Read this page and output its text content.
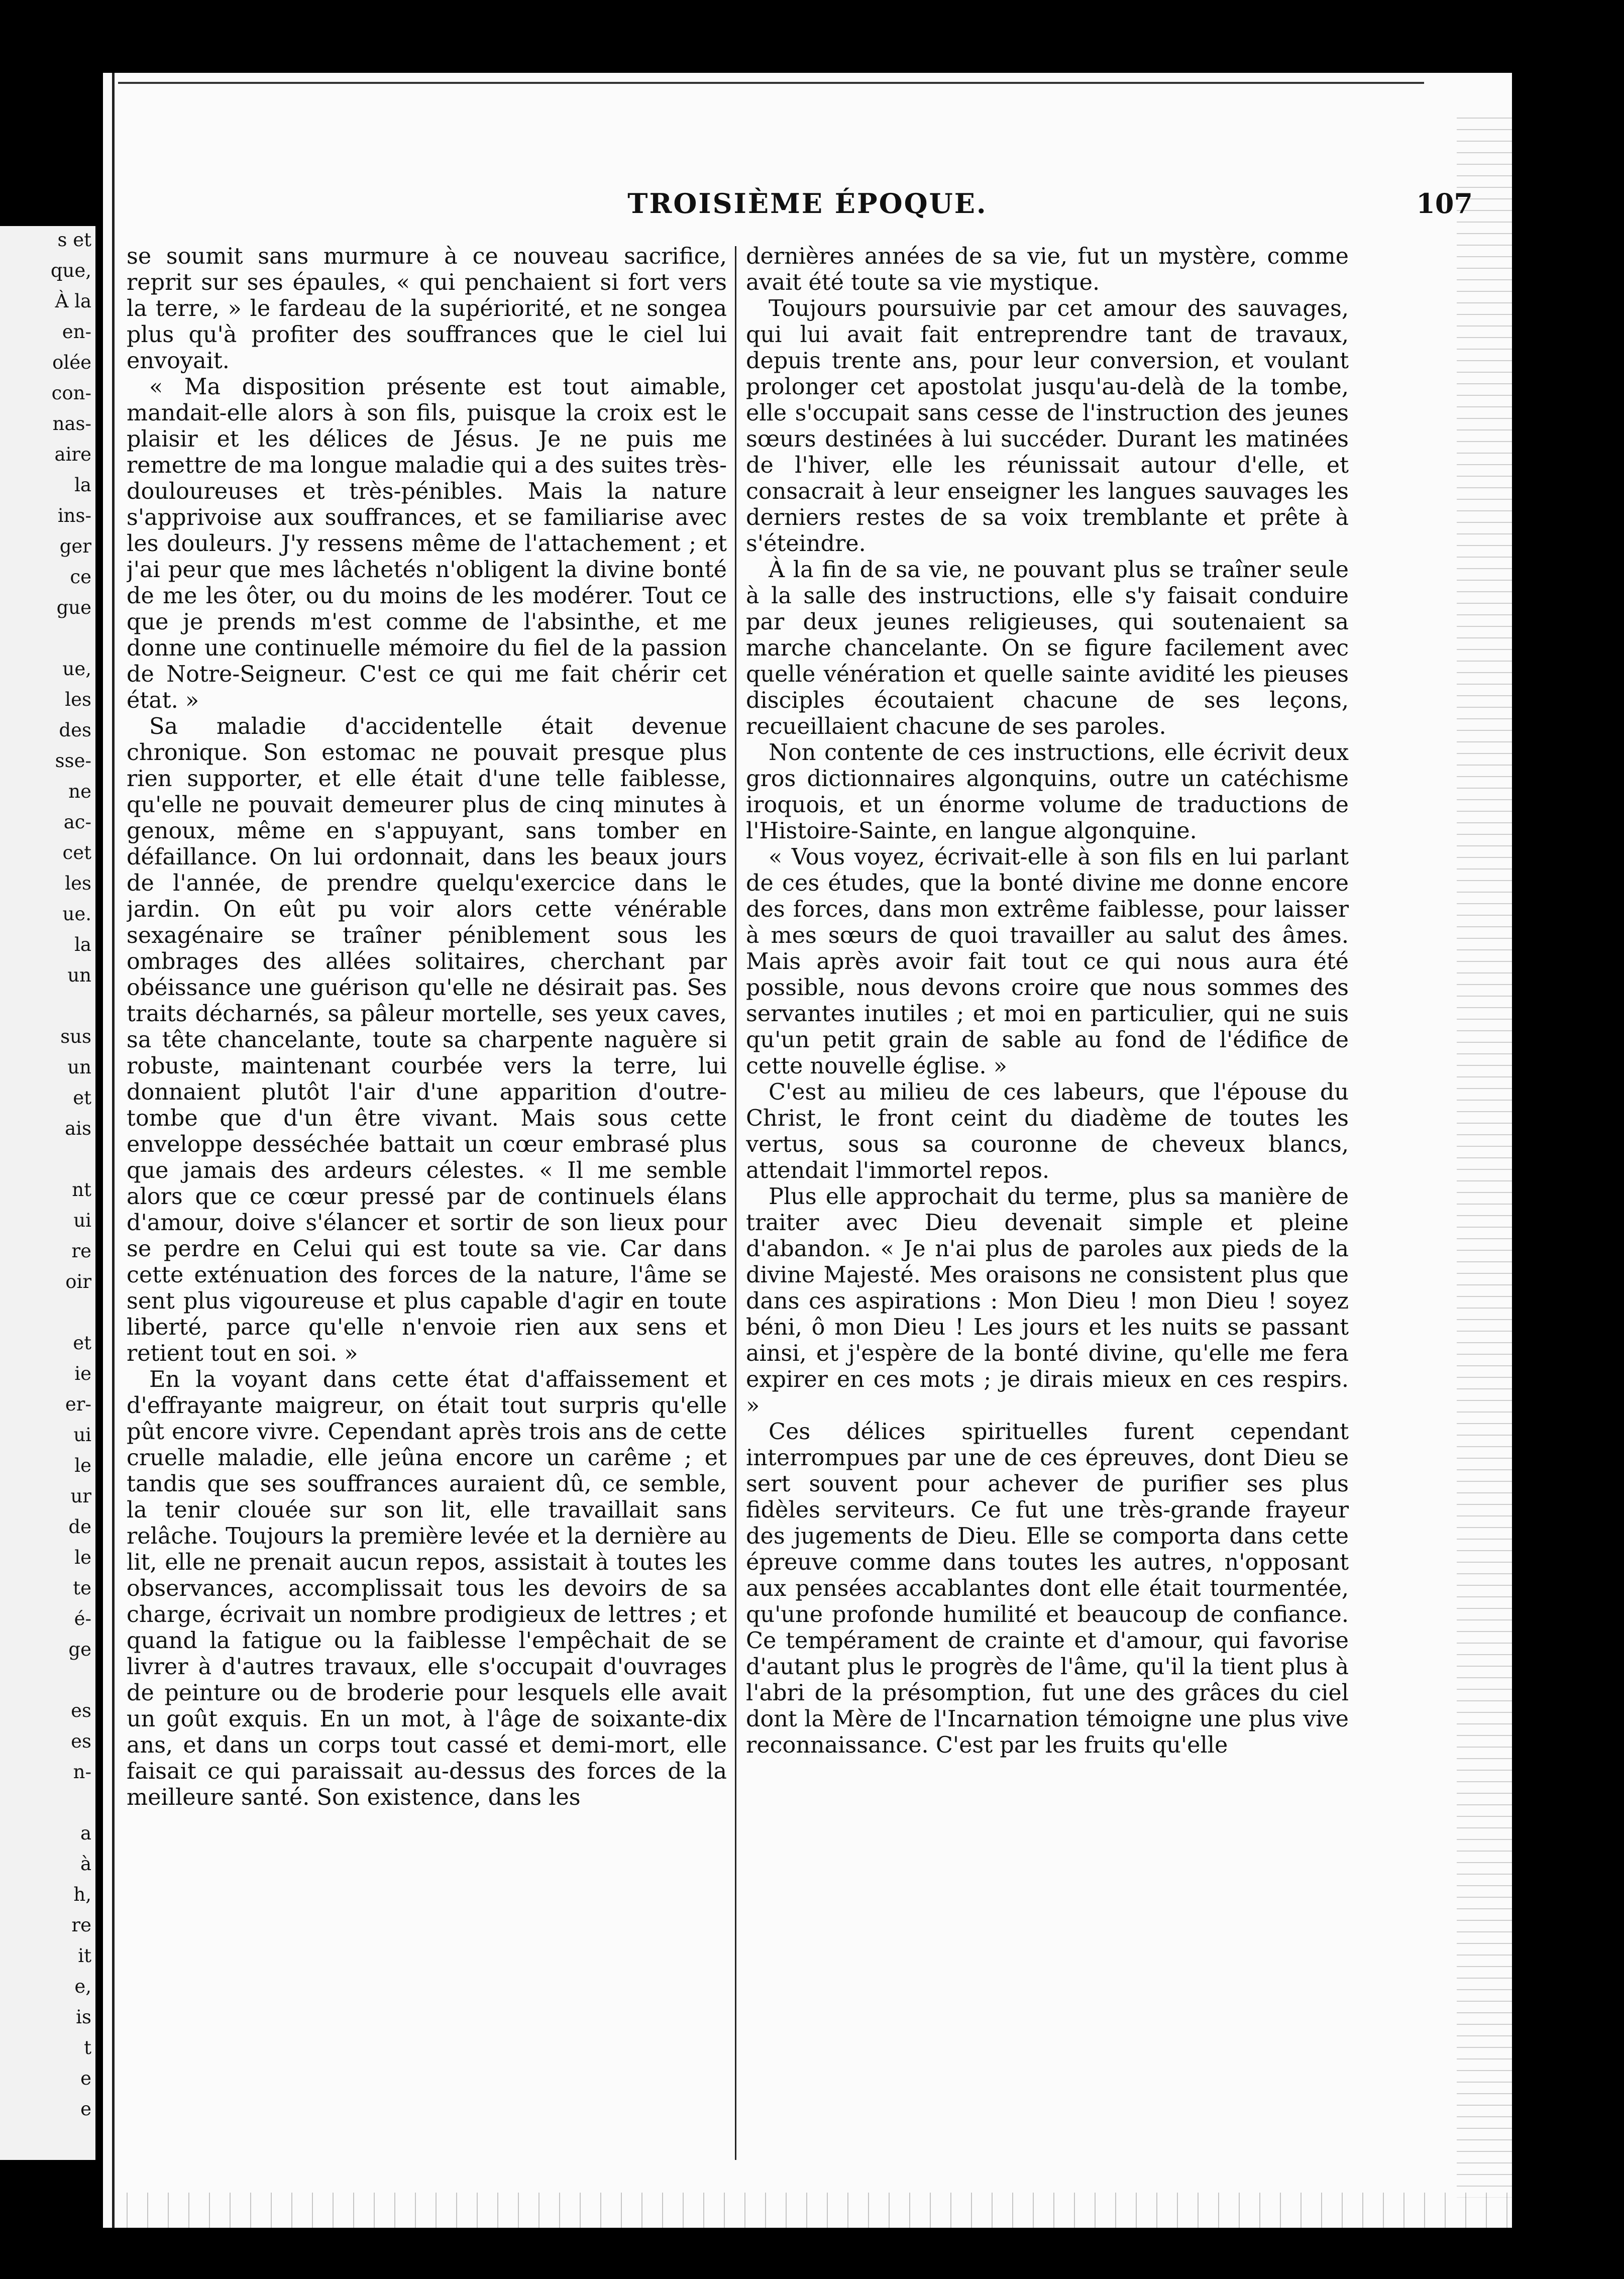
s et
que,
À la
en-
olée
con-
nas-
aire
la
ins-
ger
ce
gue
ue,
les
des
sse-
ne
ac-
cet
les
ue.
la
un
sus
un
et
ais
nt
ui
re
oir
et
ie
er-
ui
le
ur
de
le
te
é-
ge
es
es
n-
a
à
h,
re
it
e,
is
t
e
e
TROISIÈME ÉPOQUE.	107

se soumit sans murmure à ce nouveau sacrifice, reprit sur ses épaules, « qui penchaient si fort vers la terre, » le fardeau de la supériorité, et ne songea plus qu'à profiter des souffrances que le ciel lui envoyait.

« Ma disposition présente est tout aimable, mandait-elle alors à son fils, puisque la croix est le plaisir et les délices de Jésus. Je ne puis me remettre de ma longue maladie qui a des suites très-douloureuses et très-pénibles. Mais la nature s'apprivoise aux souffrances, et se familiarise avec les douleurs. J'y ressens même de l'attachement ; et j'ai peur que mes lâchetés n'obligent la divine bonté de me les ôter, ou du moins de les modérer. Tout ce que je prends m'est comme de l'absinthe, et me donne une continuelle mémoire du fiel de la passion de Notre-Seigneur. C'est ce qui me fait chérir cet état. »

Sa maladie d'accidentelle était devenue chronique. Son estomac ne pouvait presque plus rien supporter, et elle était d'une telle faiblesse, qu'elle ne pouvait demeurer plus de cinq minutes à genoux, même en s'appuyant, sans tomber en défaillance. On lui ordonnait, dans les beaux jours de l'année, de prendre quelqu'exercice dans le jardin. On eût pu voir alors cette vénérable sexagénaire se traîner péniblement sous les ombrages des allées solitaires, cherchant par obéissance une guérison qu'elle ne désirait pas. Ses traits décharnés, sa pâleur mortelle, ses yeux caves, sa tête chancelante, toute sa charpente naguère si robuste, maintenant courbée vers la terre, lui donnaient plutôt l'air d'une apparition d'outre-tombe que d'un être vivant. Mais sous cette enveloppe desséchée battait un cœur embrasé plus que jamais des ardeurs célestes. « Il me semble alors que ce cœur pressé par de continuels élans d'amour, doive s'élancer et sortir de son lieux pour se perdre en Celui qui est toute sa vie. Car dans cette exténuation des forces de la nature, l'âme se sent plus vigoureuse et plus capable d'agir en toute liberté, parce qu'elle n'envoie rien aux sens et retient tout en soi. »

En la voyant dans cette état d'affaissement et d'effrayante maigreur, on était tout surpris qu'elle pût encore vivre. Cependant après trois ans de cette cruelle maladie, elle jeûna encore un carême ; et tandis que ses souffrances auraient dû, ce semble, la tenir clouée sur son lit, elle travaillait sans relâche. Toujours la première levée et la dernière au lit, elle ne prenait aucun repos, assistait à toutes les observances, accomplissait tous les devoirs de sa charge, écrivait un nombre prodigieux de lettres ; et quand la fatigue ou la faiblesse l'empêchait de se livrer à d'autres travaux, elle s'occupait d'ouvrages de peinture ou de broderie pour lesquels elle avait un goût exquis. En un mot, à l'âge de soixante-dix ans, et dans un corps tout cassé et demi-mort, elle faisait ce qui paraissait au-dessus des forces de la meilleure santé. Son existence, dans les

dernières années de sa vie, fut un mystère, comme avait été toute sa vie mystique.

Toujours poursuivie par cet amour des sauvages, qui lui avait fait entreprendre tant de travaux, depuis trente ans, pour leur conversion, et voulant prolonger cet apostolat jusqu'au-delà de la tombe, elle s'occupait sans cesse de l'instruction des jeunes sœurs destinées à lui succéder. Durant les matinées de l'hiver, elle les réunissait autour d'elle, et consacrait à leur enseigner les langues sauvages les derniers restes de sa voix tremblante et prête à s'éteindre.

À la fin de sa vie, ne pouvant plus se traîner seule à la salle des instructions, elle s'y faisait conduire par deux jeunes religieuses, qui soutenaient sa marche chancelante. On se figure facilement avec quelle vénération et quelle sainte avidité les pieuses disciples écoutaient chacune de ses leçons, recueillaient chacune de ses paroles.

Non contente de ces instructions, elle écrivit deux gros dictionnaires algonquins, outre un catéchisme iroquois, et un énorme volume de traductions de l'Histoire-Sainte, en langue algonquine.

« Vous voyez, écrivait-elle à son fils en lui parlant de ces études, que la bonté divine me donne encore des forces, dans mon extrême faiblesse, pour laisser à mes sœurs de quoi travailler au salut des âmes. Mais après avoir fait tout ce qui nous aura été possible, nous devons croire que nous sommes des servantes inutiles ; et moi en particulier, qui ne suis qu'un petit grain de sable au fond de l'édifice de cette nouvelle église. »

C'est au milieu de ces labeurs, que l'épouse du Christ, le front ceint du diadème de toutes les vertus, sous sa couronne de cheveux blancs, attendait l'immortel repos.

Plus elle approchait du terme, plus sa manière de traiter avec Dieu devenait simple et pleine d'abandon. « Je n'ai plus de paroles aux pieds de la divine Majesté. Mes oraisons ne consistent plus que dans ces aspirations : Mon Dieu ! mon Dieu ! soyez béni, ô mon Dieu ! Les jours et les nuits se passant ainsi, et j'espère de la bonté divine, qu'elle me fera expirer en ces mots ; je dirais mieux en ces respirs. »

Ces délices spirituelles furent cependant interrompues par une de ces épreuves, dont Dieu se sert souvent pour achever de purifier ses plus fidèles serviteurs. Ce fut une très-grande frayeur des jugements de Dieu. Elle se comporta dans cette épreuve comme dans toutes les autres, n'opposant aux pensées accablantes dont elle était tourmentée, qu'une profonde humilité et beaucoup de confiance. Ce tempérament de crainte et d'amour, qui favorise d'autant plus le progrès de l'âme, qu'il la tient plus à l'abri de la présomption, fut une des grâces du ciel dont la Mère de l'Incarnation témoigne une plus vive reconnaissance. C'est par les fruits qu'elle
